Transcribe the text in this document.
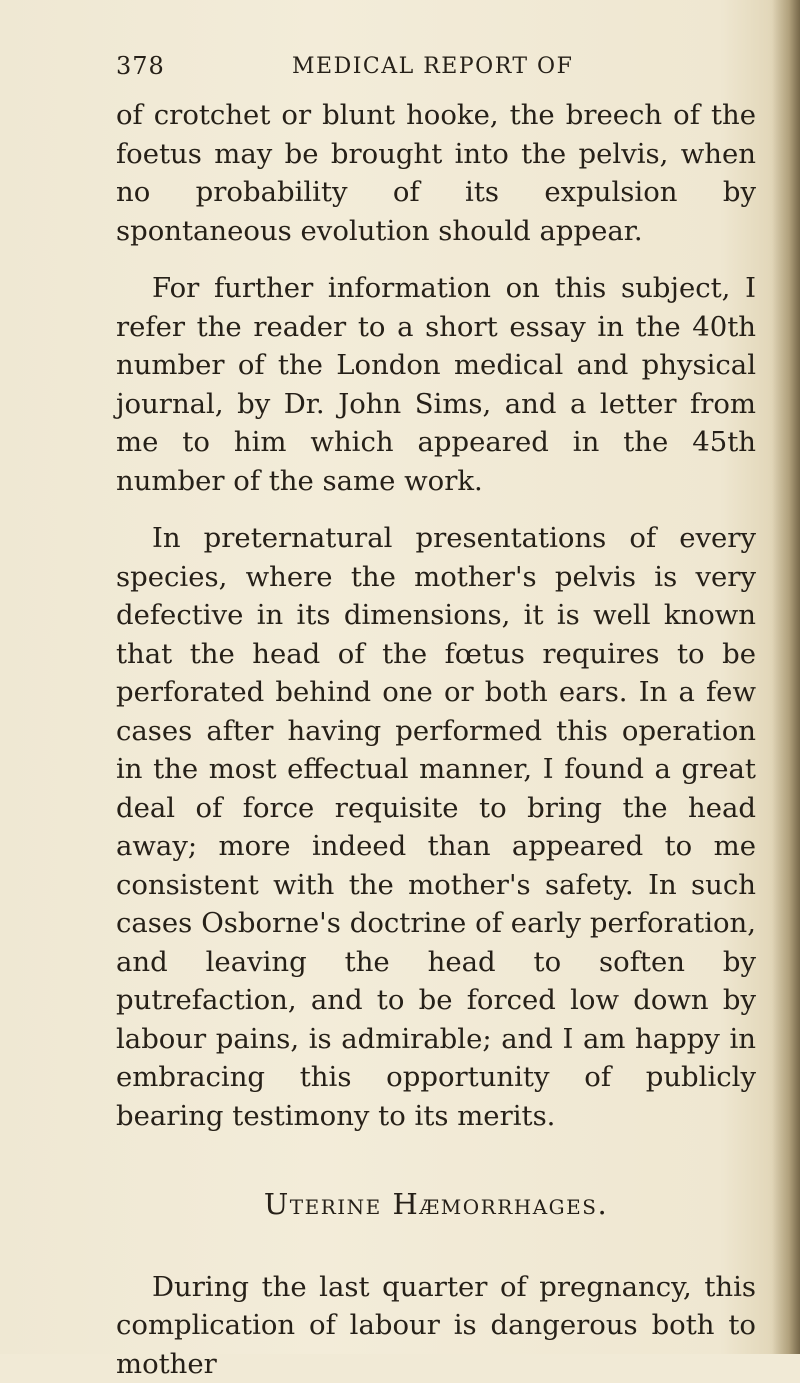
378	MEDICAL REPORT OF

of crotchet or blunt hooke, the breech of the foetus may be brought into the pelvis, when no probability of its expulsion by spontaneous evolution should appear.

For further information on this subject, I refer the reader to a short essay in the 40th number of the London medical and physical journal, by Dr. John Sims, and a letter from me to him which appeared in the 45th number of the same work.

In preternatural presentations of every species, where the mother's pelvis is very defective in its dimensions, it is well known that the head of the fœtus requires to be perforated behind one or both ears. In a few cases after having performed this operation in the most effectual manner, I found a great deal of force requisite to bring the head away; more indeed than appeared to me consistent with the mother's safety. In such cases Osborne's doctrine of early perforation, and leaving the head to soften by putrefaction, and to be forced low down by labour pains, is admirable; and I am happy in embracing this opportunity of publicly bearing testimony to its merits.

Uterine Hæmorrhages.

During the last quarter of pregnancy, this complication of labour is dangerous both to mother
